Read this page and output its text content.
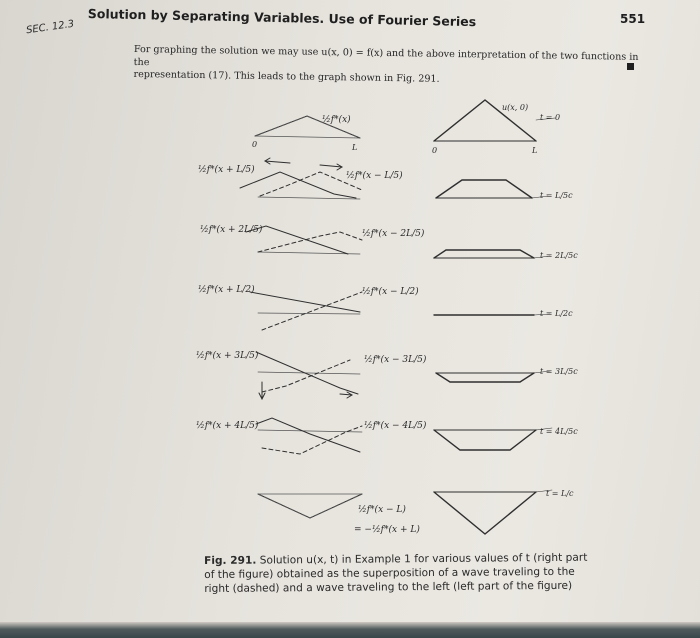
SEC. 12.3 Solution by Separating Variables. Use of Fourier Series	551
For graphing the solution we may use u(x, 0) = f(x) and the above interpretation of the two functions in the
representation (17). This leads to the graph shown in Fig. 291.
u(x, 0)
0	L	0	L
½f*(x)
½f*(x + L/5)
½f*(x − L/5)
½f*(x + 2L/5)	½f*(x − 2L/5)
½f*(x + L/2)	½f*(x − L/2)
½f*(x + 3L/5)	½f*(x − 3L/5)
½f*(x + 4L/5)	½f*(x − 4L/5)
½f*(x − L)
= −½f*(x + L)
t = 0
t = L/5c
t = 2L/5c
t = L/2c
t = 3L/5c
t = 4L/5c
t = L/c
Fig. 291. Solution u(x, t) in Example 1 for various values of t (right part of the figure) obtained as the superposition of a wave traveling to the right (dashed) and a wave traveling to the left (left part of the figure)
